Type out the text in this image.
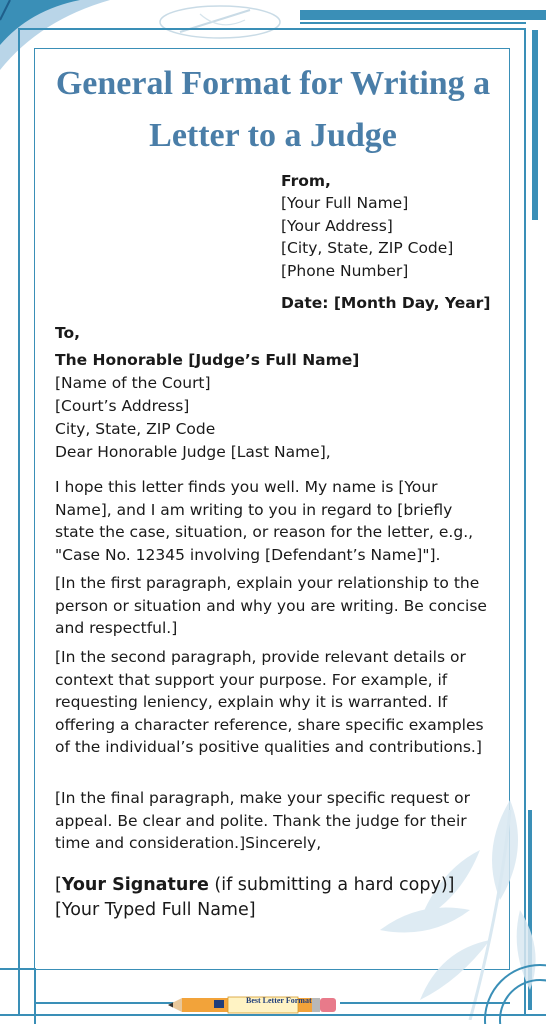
General Format for Writing a Letter to a Judge
From,
[Your Full Name]
[Your Address]
[City, State, ZIP Code]
[Phone Number]
Date: [Month Day, Year]
To,
The Honorable [Judge’s Full Name]
[Name of the Court]
[Court’s Address]
City, State, ZIP Code
Dear Honorable Judge [Last Name],

I hope this letter finds you well. My name is [Your Name], and I am writing to you in regard to [briefly state the case, situation, or reason for the letter, e.g., "Case No. 12345 involving [Defendant’s Name]"].

[In the first paragraph, explain your relationship to the person or situation and why you are writing. Be concise and respectful.]

[In the second paragraph, provide relevant details or context that support your purpose. For example, if requesting leniency, explain why it is warranted. If offering a character reference, share specific examples of the individual’s positive qualities and contributions.]

[In the final paragraph, make your specific request or appeal. Be clear and polite. Thank the judge for their time and consideration.]Sincerely,

[Your Signature (if submitting a hard copy)]
[Your Typed Full Name]
Best Letter Format
